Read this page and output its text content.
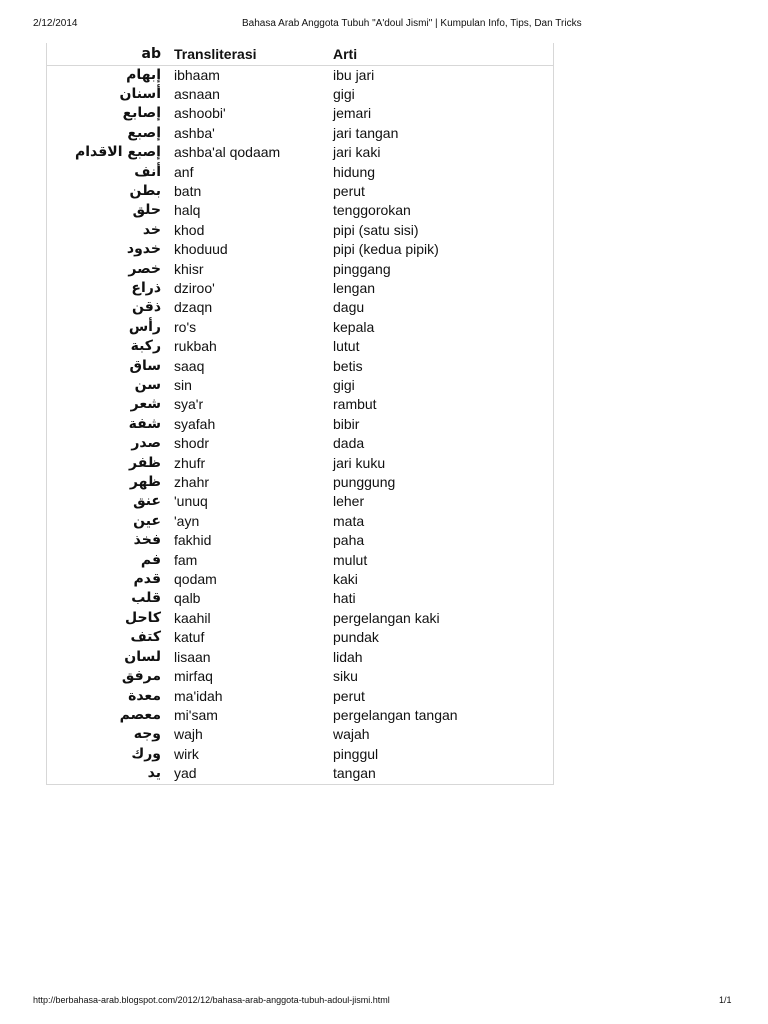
2/12/2014	Bahasa Arab Anggota Tubuh "A'doul Jismi" | Kumpulan Info, Tips, Dan Tricks
ab	Transliterasi	Arti
إبهام	ibhaam	ibu jari
أسنان	asnaan	gigi
إصابع	ashoobi'	jemari
إصبع	ashba'	jari tangan
إصبع الاقدام	ashba'al qodaam	jari kaki
أنف	anf	hidung
بطن	batn	perut
حلق	halq	tenggorokan
خد	khod	pipi (satu sisi)
خدود	khoduud	pipi (kedua pipik)
خصر	khisr	pinggang
ذراع	dziroo'	lengan
ذقن	dzaqn	dagu
رأس	ro's	kepala
ركبة	rukbah	lutut
ساق	saaq	betis
سن	sin	gigi
شعر	sya'r	rambut
شفة	syafah	bibir
صدر	shodr	dada
ظفر	zhufr	jari kuku
ظهر	zhahr	punggung
عنق	'unuq	leher
عين	'ayn	mata
فخذ	fakhid	paha
فم	fam	mulut
قدم	qodam	kaki
قلب	qalb	hati
كاحل	kaahil	pergelangan kaki
كتف	katuf	pundak
لسان	lisaan	lidah
مرفق	mirfaq	siku
معدة	ma'idah	perut
معصم	mi'sam	pergelangan tangan
وجه	wajh	wajah
ورك	wirk	pinggul
يد	yad	tangan
http://berbahasa-arab.blogspot.com/2012/12/bahasa-arab-anggota-tubuh-adoul-jismi.html	1/1
